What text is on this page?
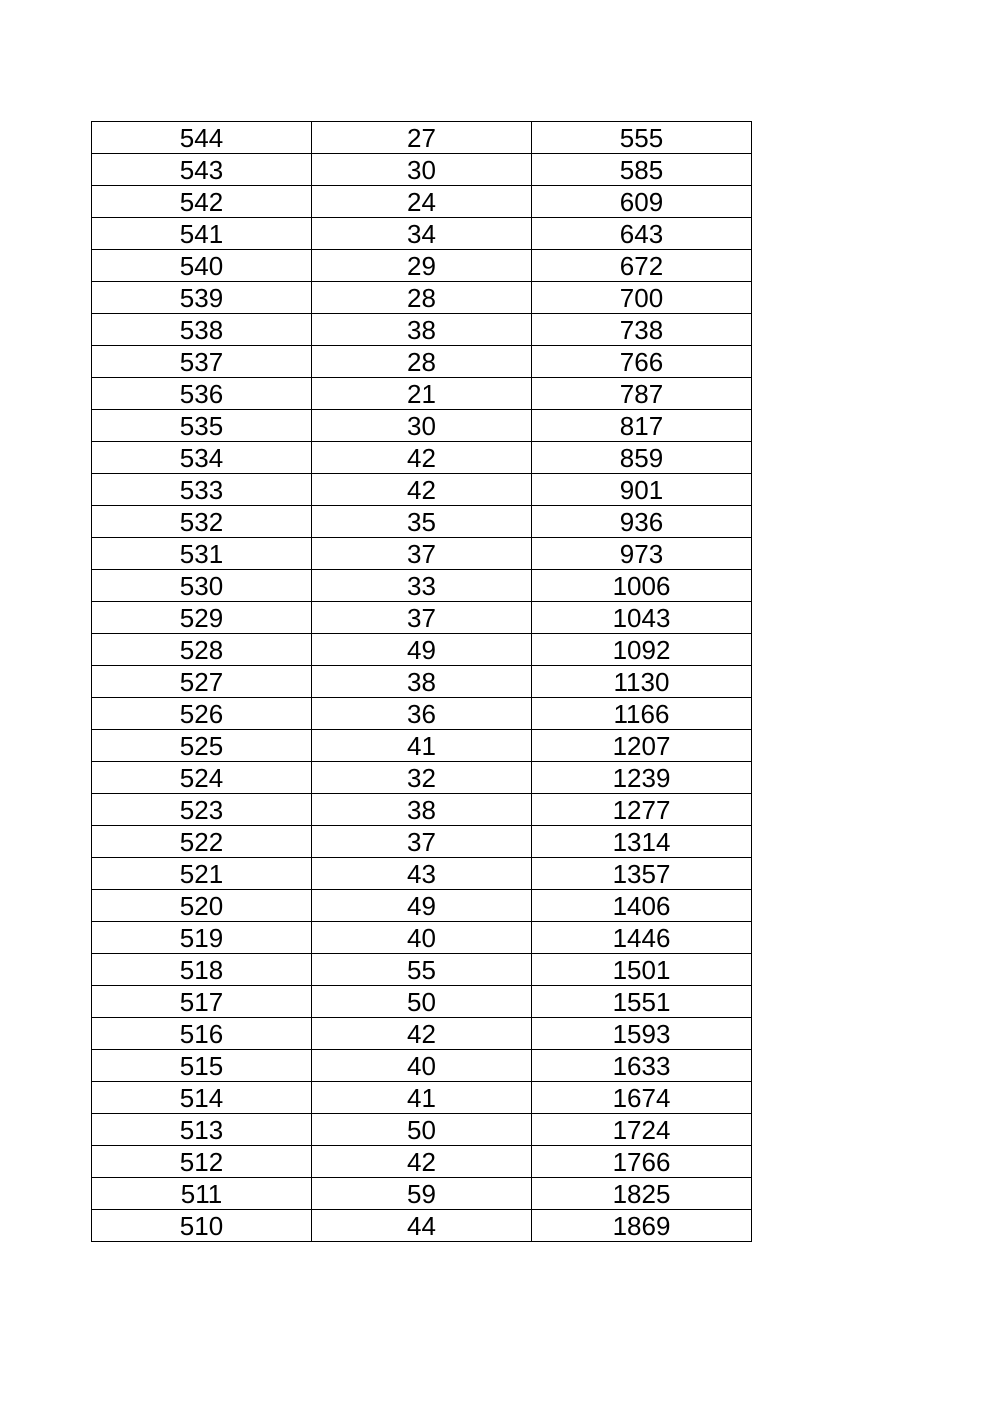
544	27	555
543	30	585
542	24	609
541	34	643
540	29	672
539	28	700
538	38	738
537	28	766
536	21	787
535	30	817
534	42	859
533	42	901
532	35	936
531	37	973
530	33	1006
529	37	1043
528	49	1092
527	38	1130
526	36	1166
525	41	1207
524	32	1239
523	38	1277
522	37	1314
521	43	1357
520	49	1406
519	40	1446
518	55	1501
517	50	1551
516	42	1593
515	40	1633
514	41	1674
513	50	1724
512	42	1766
511	59	1825
510	44	1869
